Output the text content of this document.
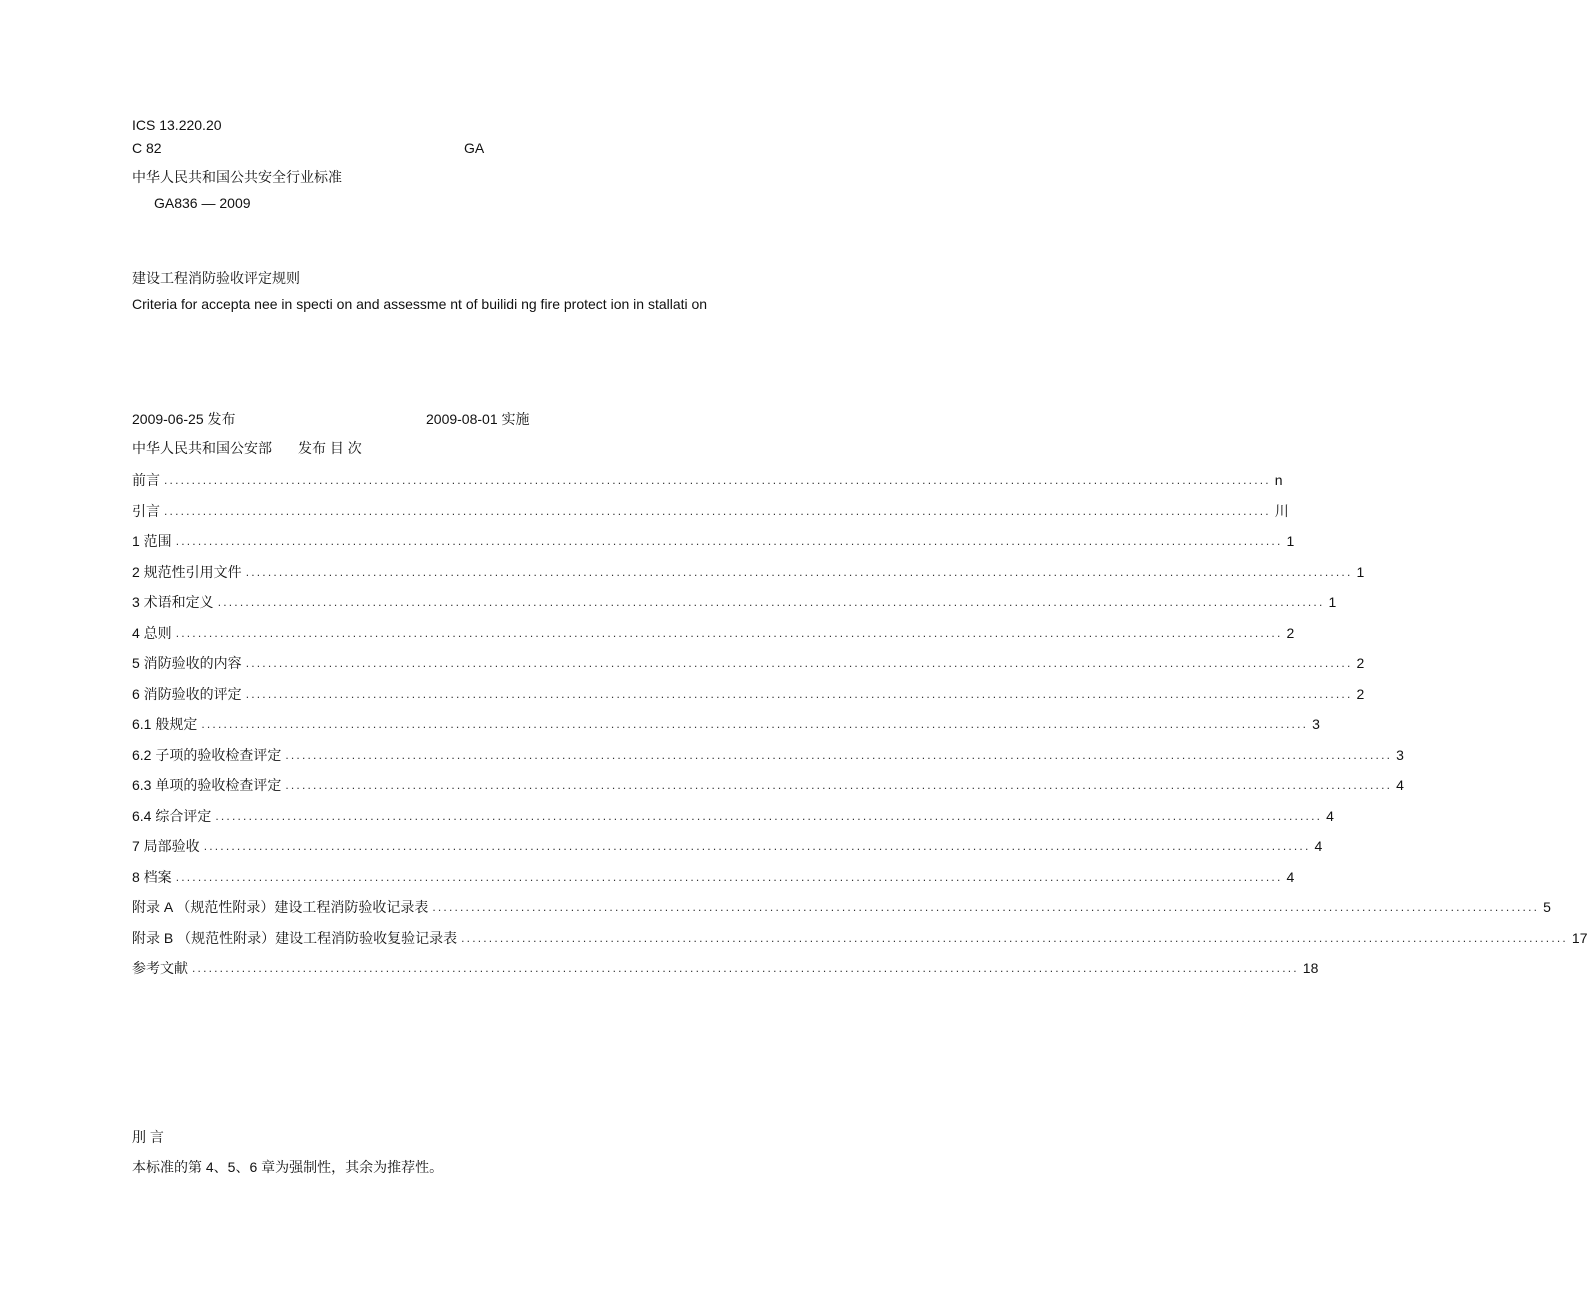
ICS 13.220.20
C 82	GA
中华人民共和国公共安全行业标准
GA836 — 2009
建设工程消防验收评定规则
Criteria for accepta nee in specti on and assessme nt of builidi ng fire protect ion in stallati on
2009-06-25 发布	2009-08-01 实施
中华人民共和国公安部 发布 目 次
前言 ........................................................................................................................................................................................................ n
引言 ........................................................................................................................................................................................................ 川
1 范围 ........................................................................................................................................................................................................ 1
2 规范性引用文件 ........................................................................................................................................................................................................ 1
3 术语和定义 ........................................................................................................................................................................................................ 1
4 总则 ........................................................................................................................................................................................................ 2
5 消防验收的内容 ........................................................................................................................................................................................................ 2
6 消防验收的评定 ........................................................................................................................................................................................................ 2
6.1 般规定 ........................................................................................................................................................................................................ 3
6.2 子项的验收检查评定 ........................................................................................................................................................................................................ 3
6.3 单项的验收检查评定 ........................................................................................................................................................................................................ 4
6.4 综合评定 ........................................................................................................................................................................................................ 4
7 局部验收 ........................................................................................................................................................................................................ 4
8 档案 ........................................................................................................................................................................................................ 4
附录 A （规范性附录）建设工程消防验收记录表 ........................................................................................................................................................................................................ 5
附录 B （规范性附录）建设工程消防验收复验记录表 ........................................................................................................................................................................................................ 17
参考文献 ........................................................................................................................................................................................................ 18
刖 言
本标准的第 4、5、6 章为强制性，其余为推荐性。
